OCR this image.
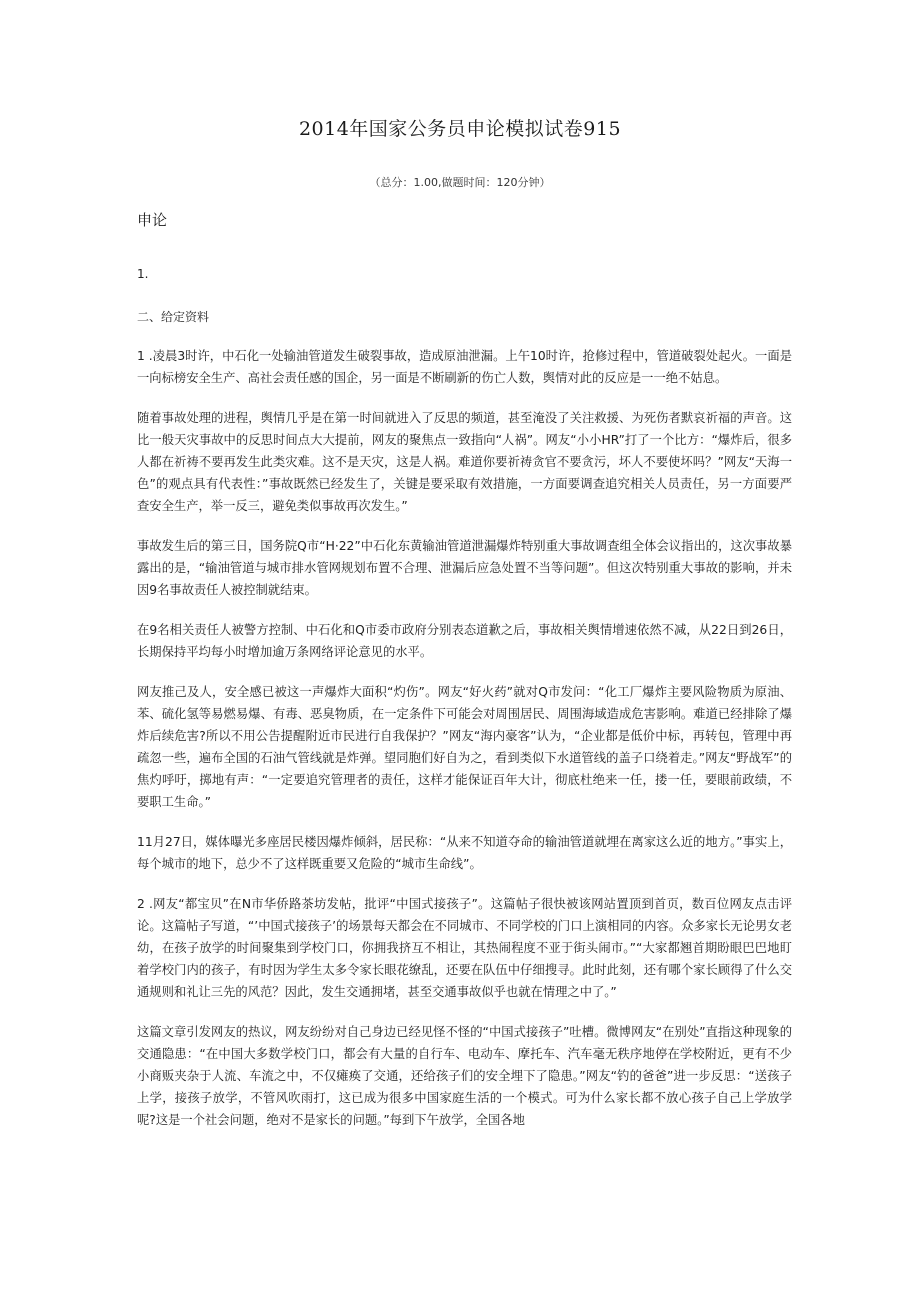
2014年国家公务员申论模拟试卷915
（总分：1.00,做题时间：120分钟）
申论
1.
二、给定资料

1 .凌晨3时许，中石化一处输油管道发生破裂事故，造成原油泄漏。上午10时许，抢修过程中，管道破裂处起火。一面是一向标榜安全生产、高社会责任感的国企，另一面是不断刷新的伤亡人数，舆情对此的反应是一一绝不姑息。

随着事故处理的进程，舆情几乎是在第一时间就进入了反思的频道，甚至淹没了关注救援、为死伤者默哀祈福的声音。这比一般天灾事故中的反思时间点大大提前，网友的聚焦点一致指向“人祸”。网友“小小HR”打了一个比方：“爆炸后，很多人都在祈祷不要再发生此类灾难。这不是天灾，这是人祸。难道你要祈祷贪官不要贪污，坏人不要使坏吗？”网友“天海一色”的观点具有代表性：”事故既然已经发生了，关键是要采取有效措施，一方面要调查追究相关人员责任，另一方面要严查安全生产，举一反三，避免类似事故再次发生。”

事故发生后的第三日，国务院Q市“H·22”中石化东黄输油管道泄漏爆炸特别重大事故调查组全体会议指出的，这次事故暴露出的是，“输油管道与城市排水管网规划布置不合理、泄漏后应急处置不当等问题”。但这次特别重大事故的影响，并未因9名事故责任人被控制就结束。

在9名相关责任人被警方控制、中石化和Q市委市政府分别表态道歉之后，事故相关舆情增速依然不减，从22日到26日，长期保持平均每小时增加逾万条网络评论意见的水平。

网友推己及人，安全感已被这一声爆炸大面积“灼伤”。网友“好火药”就对Q市发问：“化工厂爆炸主要风险物质为原油、苯、硫化氢等易燃易爆、有毒、恶臭物质，在一定条件下可能会对周围居民、周围海域造成危害影响。难道已经排除了爆炸后续危害?所以不用公告提醒附近市民进行自我保护？”网友“海内豪客”认为，“企业都是低价中标，再转包，管理中再疏忽一些，遍布全国的石油气管线就是炸弹。望同胞们好自为之，看到类似下水道管线的盖子口绕着走。”网友“野战军”的焦灼呼吁，掷地有声：“一定要追究管理者的责任，这样才能保证百年大计，彻底杜绝来一任，搂一任，要眼前政绩，不要职工生命。”

11月27日，媒体曝光多座居民楼因爆炸倾斜，居民称：“从来不知道夺命的输油管道就埋在离家这么近的地方。”事实上，每个城市的地下，总少不了这样既重要又危险的“城市生命线”。

2 .网友“都宝贝”在N市华侨路茶坊发帖，批评“中国式接孩子”。这篇帖子很快被该网站置顶到首页，数百位网友点击评论。这篇帖子写道，“’中国式接孩子’的场景每天都会在不同城市、不同学校的门口上演相同的内容。众多家长无论男女老幼，在孩子放学的时间聚集到学校门口，你拥我挤互不相让，其热闹程度不亚于街头闹市。”“大家都翘首期盼眼巴巴地盯着学校门内的孩子，有时因为学生太多令家长眼花缭乱，还要在队伍中仔细搜寻。此时此刻，还有哪个家长顾得了什么交通规则和礼让三先的风范？因此，发生交通拥堵，甚至交通事故似乎也就在情理之中了。”

这篇文章引发网友的热议，网友纷纷对自己身边已经见怪不怪的“中国式接孩子”吐槽。微博网友“在别处”直指这种现象的交通隐患：“在中国大多数学校门口，都会有大量的自行车、电动车、摩托车、汽车毫无秩序地停在学校附近，更有不少小商贩夹杂于人流、车流之中，不仅瘫痪了交通，还给孩子们的安全埋下了隐患。”网友“钓的爸爸”进一步反思：“送孩子上学，接孩子放学，不管风吹雨打，这已成为很多中国家庭生活的一个模式。可为什么家长都不放心孩子自己上学放学呢?这是一个社会问题，绝对不是家长的问题。”每到下午放学，全国各地
